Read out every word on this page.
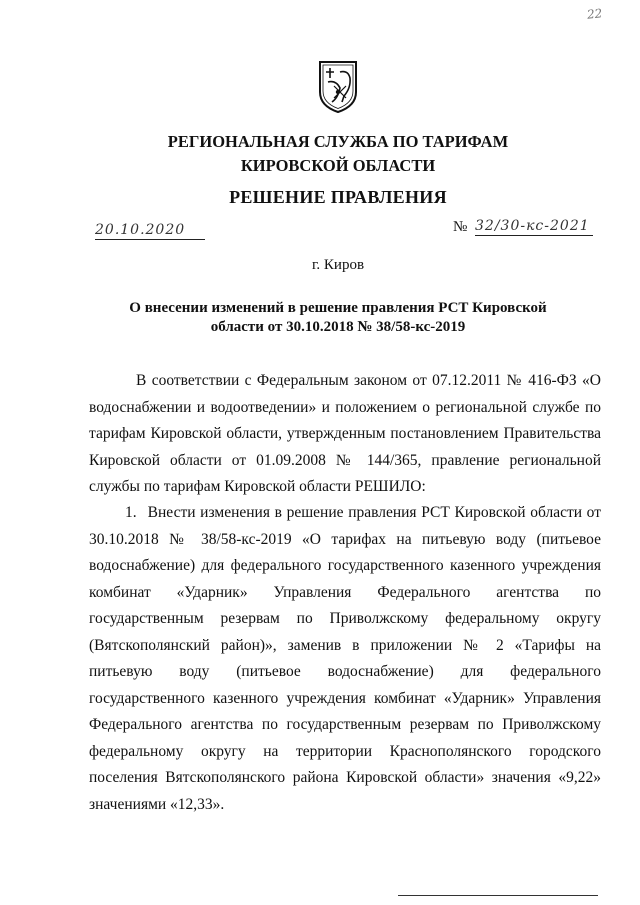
22
РЕГИОНАЛЬНАЯ СЛУЖБА ПО ТАРИФАМ
КИРОВСКОЙ ОБЛАСТИ
РЕШЕНИЕ ПРАВЛЕНИЯ
20.10.2020	№ 32/30-кс-2021
г. Киров
О внесении изменений в решение правления РСТ Кировской
области от 30.10.2018 № 38/58-кс-2019
В соответствии с Федеральным законом от 07.12.2011 № 416-ФЗ «О водоснабжении и водоотведении» и положением о региональной службе по тарифам Кировской области, утвержденным постановлением Правительства Кировской области от 01.09.2008 № 144/365, правление региональной службы по тарифам Кировской области РЕШИЛО:
1. Внести изменения в решение правления РСТ Кировской области от 30.10.2018 № 38/58-кс-2019 «О тарифах на питьевую воду (питьевое водоснабжение) для федерального государственного казенного учреждения комбинат «Ударник» Управления Федерального агентства по государственным резервам по Приволжскому федеральному округу (Вятскополянский район)», заменив в приложении № 2 «Тарифы на питьевую воду (питьевое водоснабжение) для федерального государственного казенного учреждения комбинат «Ударник» Управления Федерального агентства по государственным резервам по Приволжскому федеральному округу на территории Краснополянского городского поселения Вятскополянского района Кировской области» значения «9,22» значениями «12,33».
